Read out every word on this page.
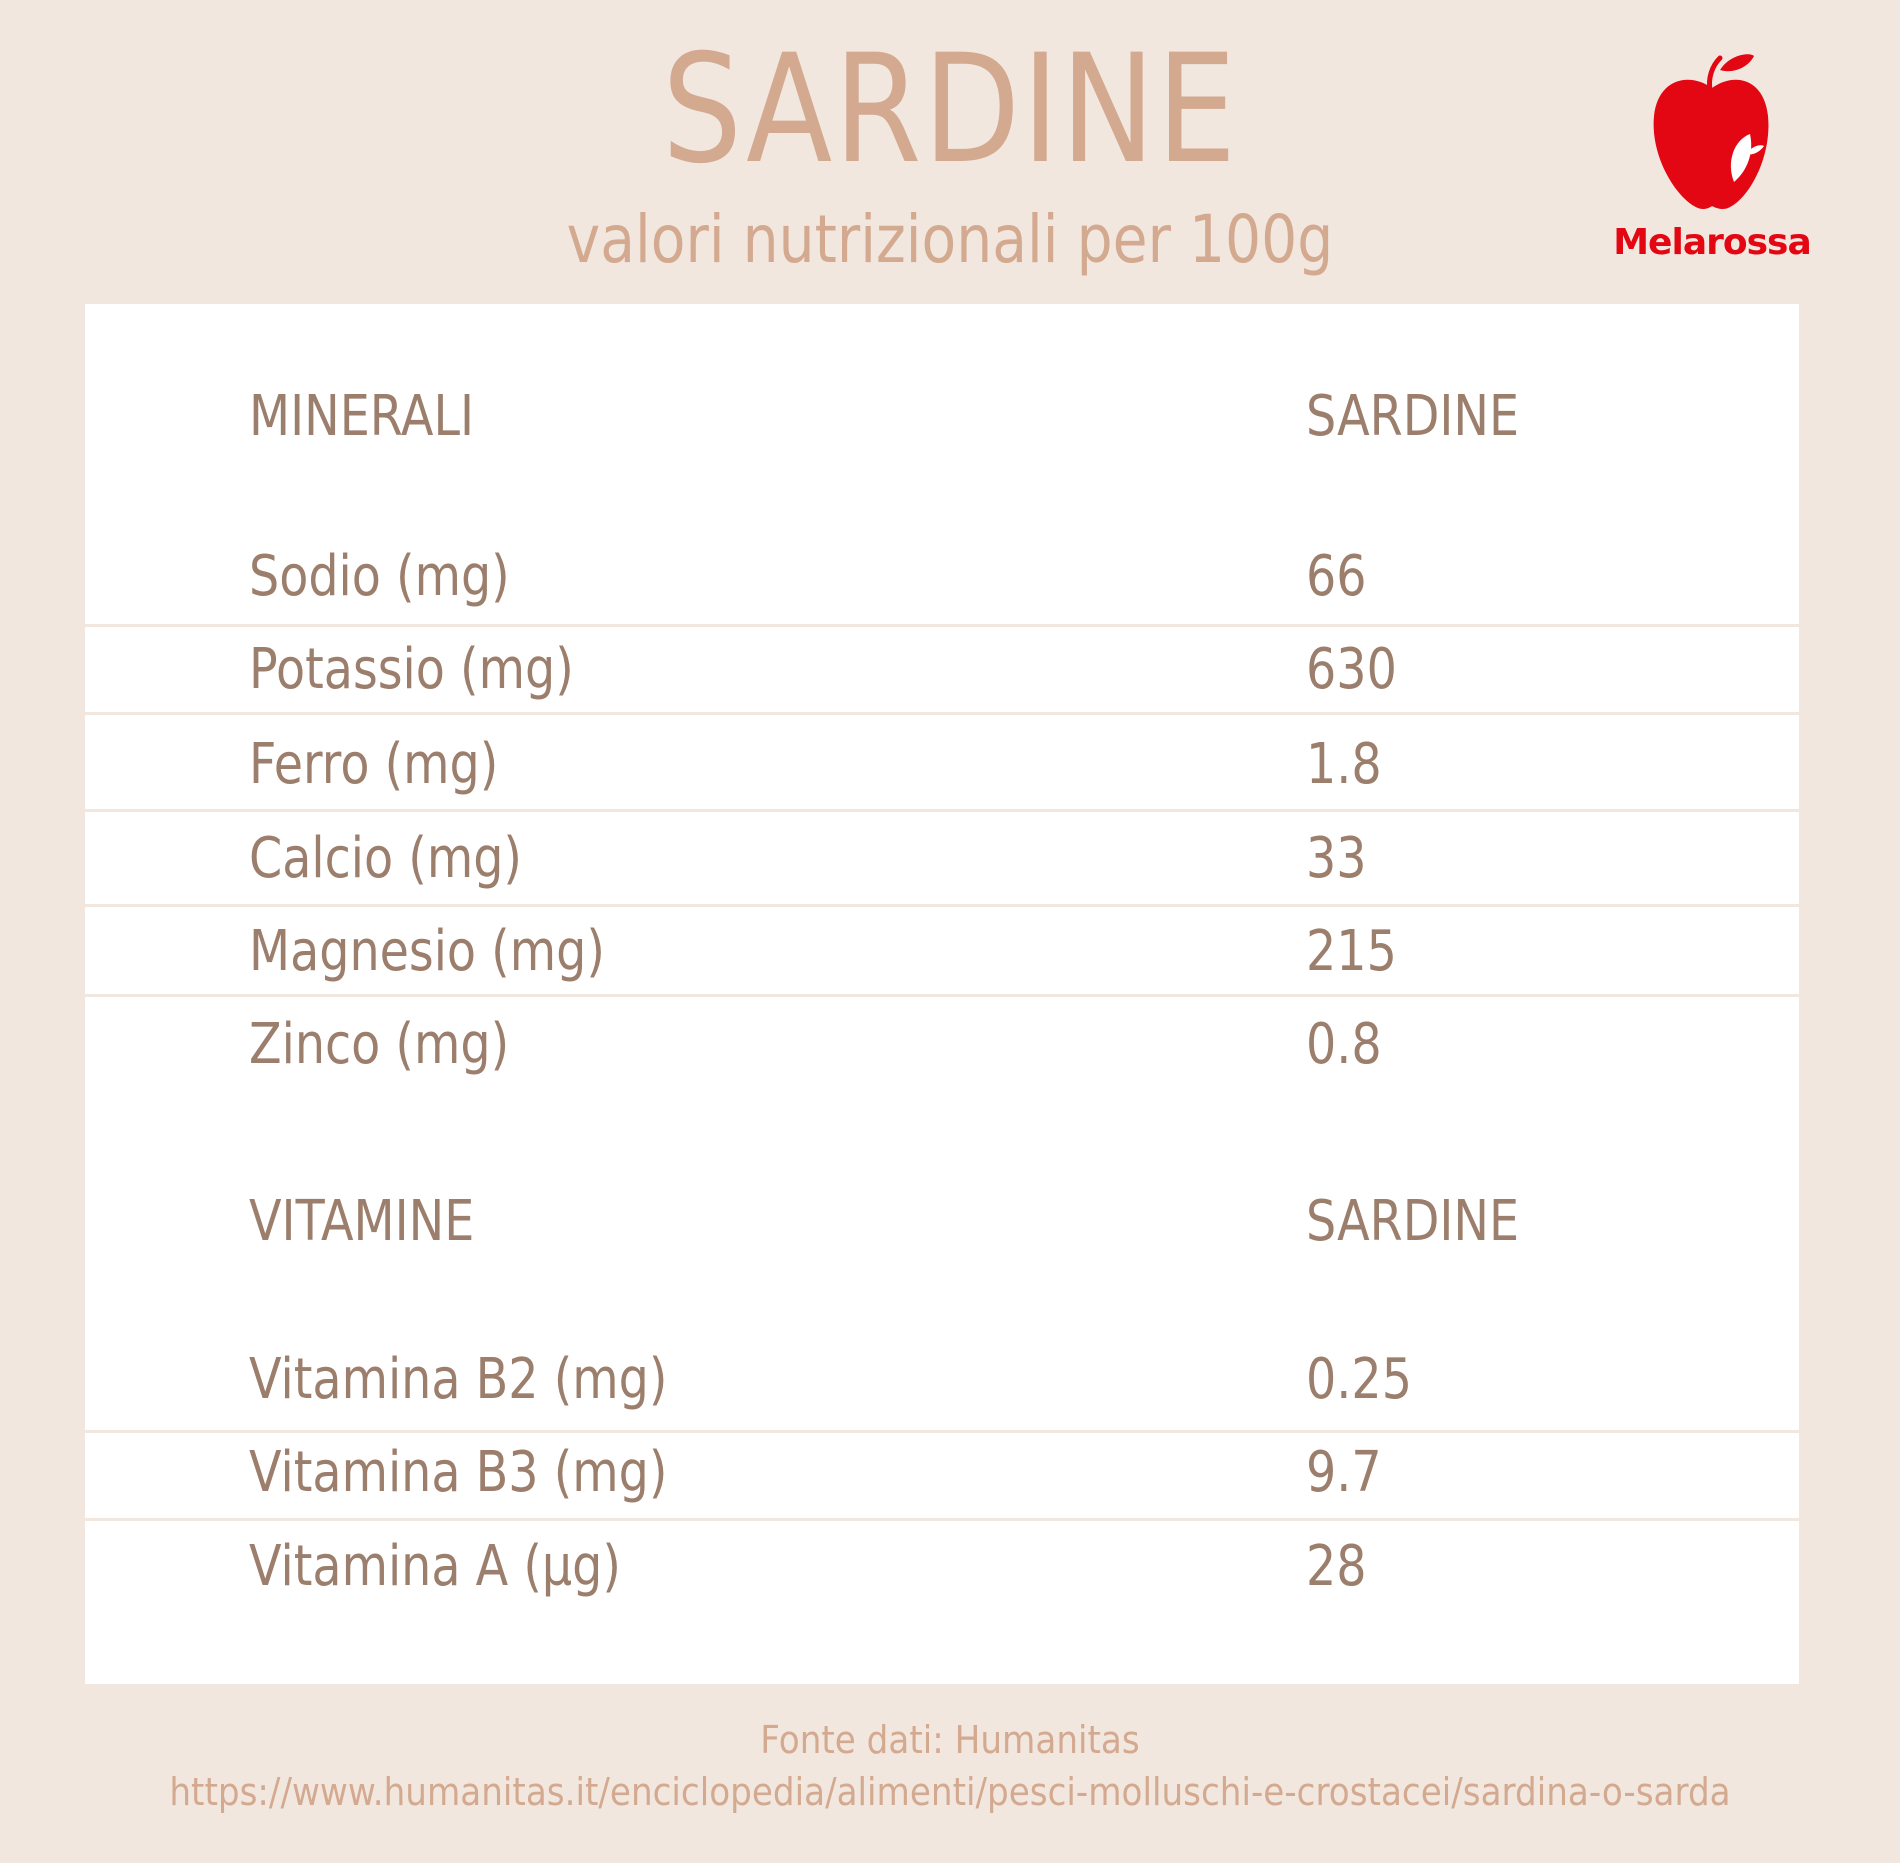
SARDINE
valori nutrizionali per 100g	Melarossa
MINERALI	SARDINE
Sodio (mg)	66
Potassio (mg)	630
Ferro (mg)	1.8
Calcio (mg)	33
Magnesio (mg)	215
Zinco (mg)	0.8
VITAMINE	SARDINE
Vitamina B2 (mg)	0.25
Vitamina B3 (mg)	9.7
Vitamina A (µg)	28
Fonte dati: Humanitas
https://www.humanitas.it/enciclopedia/alimenti/pesci-molluschi-e-crostacei/sardina-o-sarda
